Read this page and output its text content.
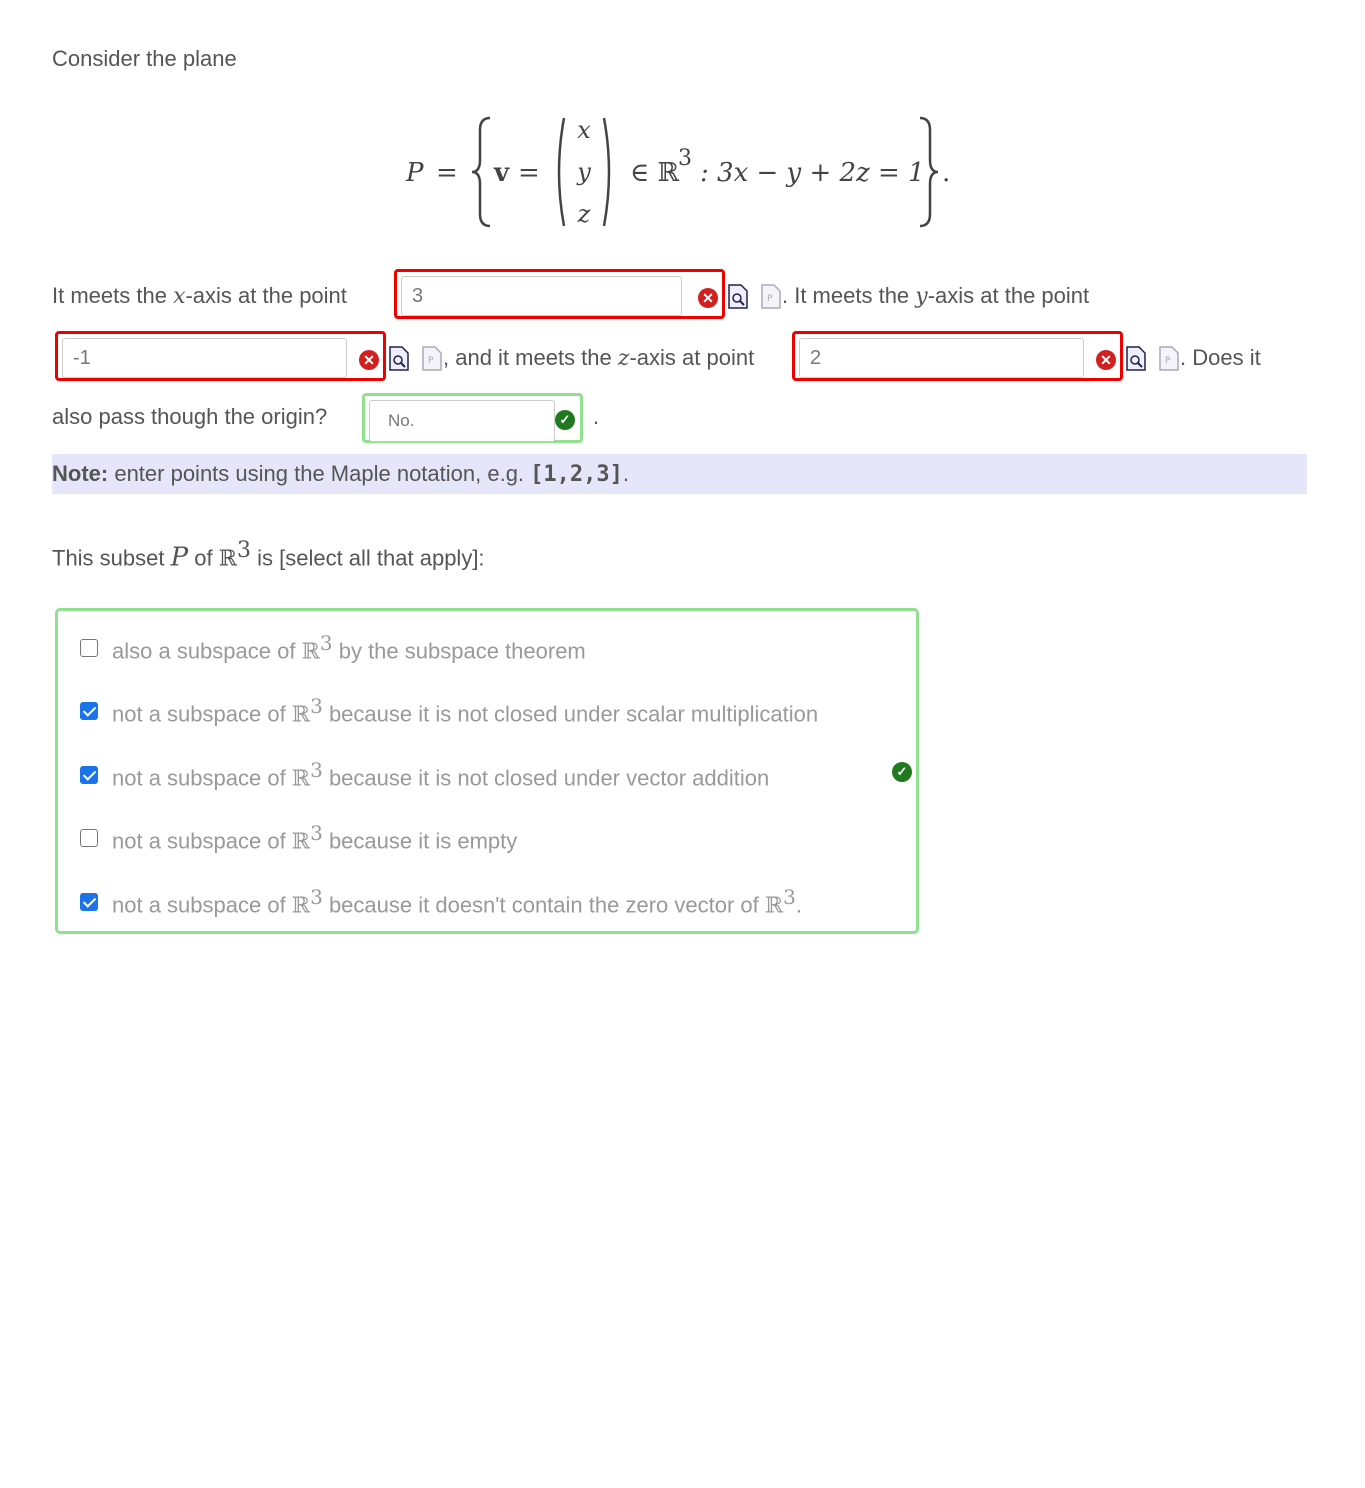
Consider the plane
P = v =
x
y
z
∈ ℝ
3 : 3x − y + 2z = 1 .
It meets the x-axis at the point
3	✕	P . It meets the y-axis at the point
-1
✕	P , and it meets the z-axis at point
2	✕	P . Does it
also pass though the origin?
No.	✓ .
Note: enter points using the Maple notation, e.g. [1,2,3].
This subset P of ℝ$^3$ is [select all that apply]:
also a subspace of ℝ$^3$ by the subspace theorem
not a subspace of ℝ$^3$ because it is not closed under scalar multiplication
not a subspace of ℝ$^3$ because it is not closed under vector addition	✓
not a subspace of ℝ$^3$ because it is empty
not a subspace of ℝ$^3$ because it doesn't contain the zero vector of ℝ$^3$.
